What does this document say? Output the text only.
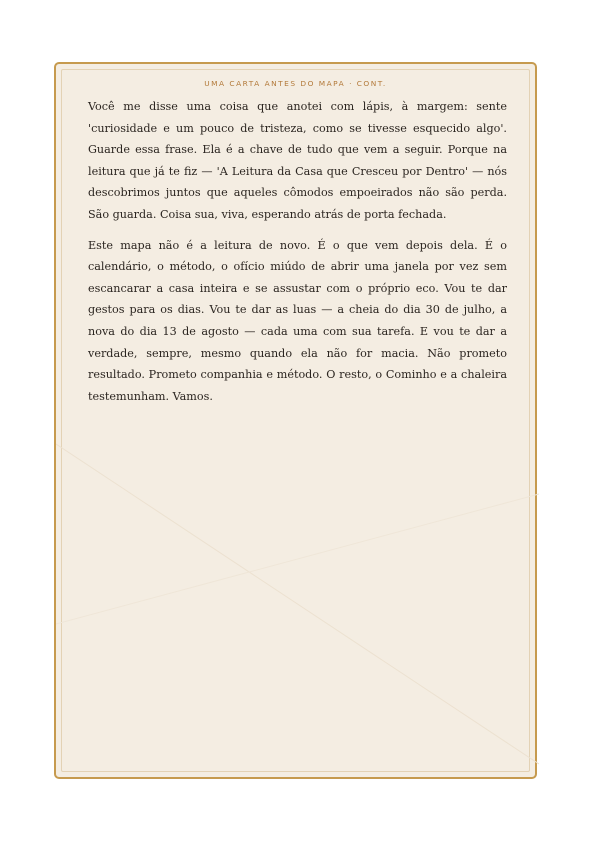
UMA CARTA ANTES DO MAPA · CONT.

Você me disse uma coisa que anotei com lápis, à margem: sente 'curiosidade e um pouco de tristeza, como se tivesse esquecido algo'. Guarde essa frase. Ela é a chave de tudo que vem a seguir. Porque na leitura que já te fiz — 'A Leitura da Casa que Cresceu por Dentro' — nós descobrimos juntos que aqueles cômodos empoeirados não são perda. São guarda. Coisa sua, viva, esperando atrás de porta fechada.

Este mapa não é a leitura de novo. É o que vem depois dela. É o calendário, o método, o ofício miúdo de abrir uma janela por vez sem escancarar a casa inteira e se assustar com o próprio eco. Vou te dar gestos para os dias. Vou te dar as luas — a cheia do dia 30 de julho, a nova do dia 13 de agosto — cada uma com sua tarefa. E vou te dar a verdade, sempre, mesmo quando ela não for macia. Não prometo resultado. Prometo companhia e método. O resto, o Cominho e a chaleira testemunham. Vamos.
